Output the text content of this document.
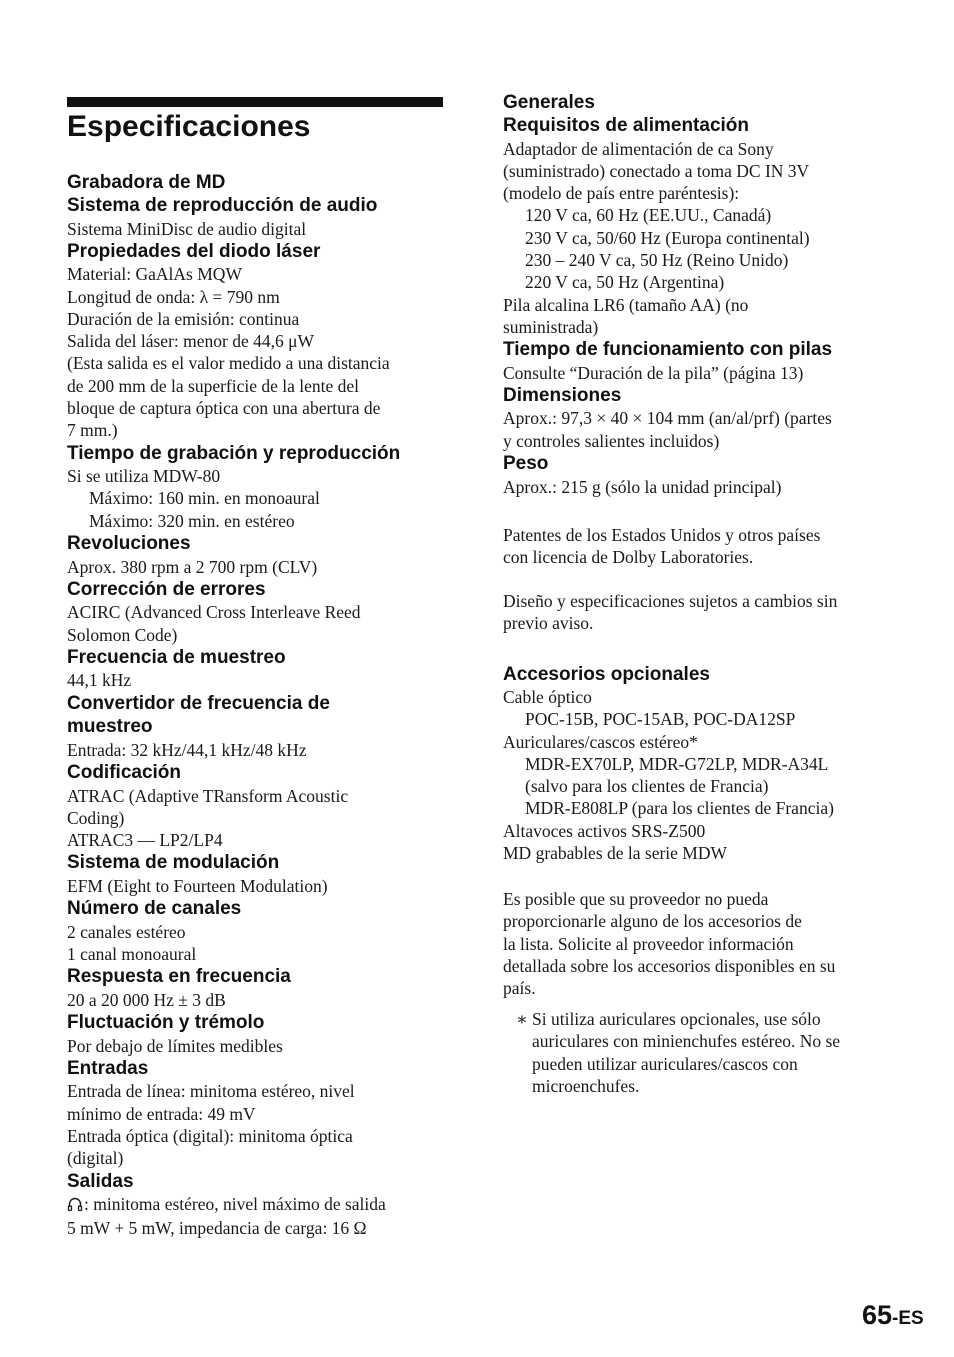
Especificaciones
Grabadora de MD
Sistema de reproducción de audio
Sistema MiniDisc de audio digital
Propiedades del diodo láser
Material: GaAlAs MQW
Longitud de onda: λ = 790 nm
Duración de la emisión: continua
Salida del láser: menor de 44,6 μW
(Esta salida es el valor medido a una distancia
de 200 mm de la superficie de la lente del
bloque de captura óptica con una abertura de
7 mm.)
Tiempo de grabación y reproducción
Si se utiliza MDW-80
Máximo: 160 min. en monoaural
Máximo: 320 min. en estéreo
Revoluciones
Aprox. 380 rpm a 2 700 rpm (CLV)
Corrección de errores
ACIRC (Advanced Cross Interleave Reed
Solomon Code)
Frecuencia de muestreo
44,1 kHz
Convertidor de frecuencia de
muestreo
Entrada: 32 kHz/44,1 kHz/48 kHz
Codificación
ATRAC (Adaptive TRansform Acoustic
Coding)
ATRAC3 — LP2/LP4
Sistema de modulación
EFM (Eight to Fourteen Modulation)
Número de canales
2 canales estéreo
1 canal monoaural
Respuesta en frecuencia
20 a 20 000 Hz ± 3 dB
Fluctuación y trémolo
Por debajo de límites medibles
Entradas
Entrada de línea: minitoma estéreo, nivel
mínimo de entrada: 49 mV
Entrada óptica (digital): minitoma óptica
(digital)
Salidas
: minitoma estéreo, nivel máximo de salida
5 mW + 5 mW, impedancia de carga: 16 Ω
Generales
Requisitos de alimentación
Adaptador de alimentación de ca Sony
(suministrado) conectado a toma DC IN 3V
(modelo de país entre paréntesis):
120 V ca, 60 Hz (EE.UU., Canadá)
230 V ca, 50/60 Hz (Europa continental)
230 – 240 V ca, 50 Hz (Reino Unido)
220 V ca, 50 Hz (Argentina)
Pila alcalina LR6 (tamaño AA) (no
suministrada)
Tiempo de funcionamiento con pilas
Consulte “Duración de la pila” (página 13)
Dimensiones
Aprox.: 97,3 × 40 × 104 mm (an/al/prf) (partes
y controles salientes incluidos)
Peso
Aprox.: 215 g (sólo la unidad principal)
Patentes de los Estados Unidos y otros países
con licencia de Dolby Laboratories.
Diseño y especificaciones sujetos a cambios sin
previo aviso.
Accesorios opcionales
Cable óptico
POC-15B, POC-15AB, POC-DA12SP
Auriculares/cascos estéreo*
MDR-EX70LP, MDR-G72LP, MDR-A34L
(salvo para los clientes de Francia)
MDR-E808LP (para los clientes de Francia)
Altavoces activos SRS-Z500
MD grabables de la serie MDW
Es posible que su proveedor no pueda
proporcionarle alguno de los accesorios de
la lista. Solicite al proveedor información
detallada sobre los accesorios disponibles en su
país.
∗ Si utiliza auriculares opcionales, use sólo
auriculares con minienchufes estéreo. No se
pueden utilizar auriculares/cascos con
microenchufes.
65-ES
